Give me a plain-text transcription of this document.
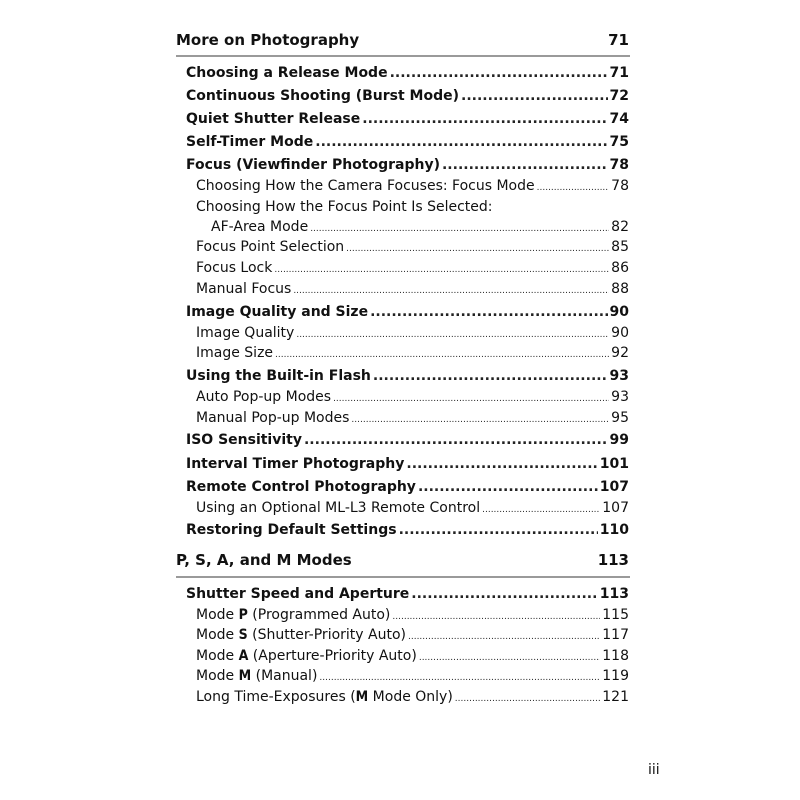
More on Photography	71
Choosing a Release Mode .....	71
Continuous Shooting (Burst Mode) .....	72
Quiet Shutter Release .....	74
Self-Timer Mode .....	75
Focus (Viewfinder Photography) .....	78
Choosing How the Camera Focuses: Focus Mode .....	78
Choosing How the Focus Point Is Selected:
AF-Area Mode .....	82
Focus Point Selection .....	85
Focus Lock .....	86
Manual Focus .....	88
Image Quality and Size .....	90
Image Quality .....	90
Image Size .....	92
Using the Built-in Flash .....	93
Auto Pop-up Modes .....	93
Manual Pop-up Modes .....	95
ISO Sensitivity .....	99
Interval Timer Photography .....	101
Remote Control Photography .....	107
Using an Optional ML-L3 Remote Control .....	107
Restoring Default Settings .....	110
P, S, A, and M Modes	113
Shutter Speed and Aperture .....	113
Mode P (Programmed Auto) .....	115
Mode S (Shutter-Priority Auto) .....	117
Mode A (Aperture-Priority Auto) .....	118
Mode M (Manual) .....	119
Long Time-Exposures (M Mode Only) .....	121
iii
